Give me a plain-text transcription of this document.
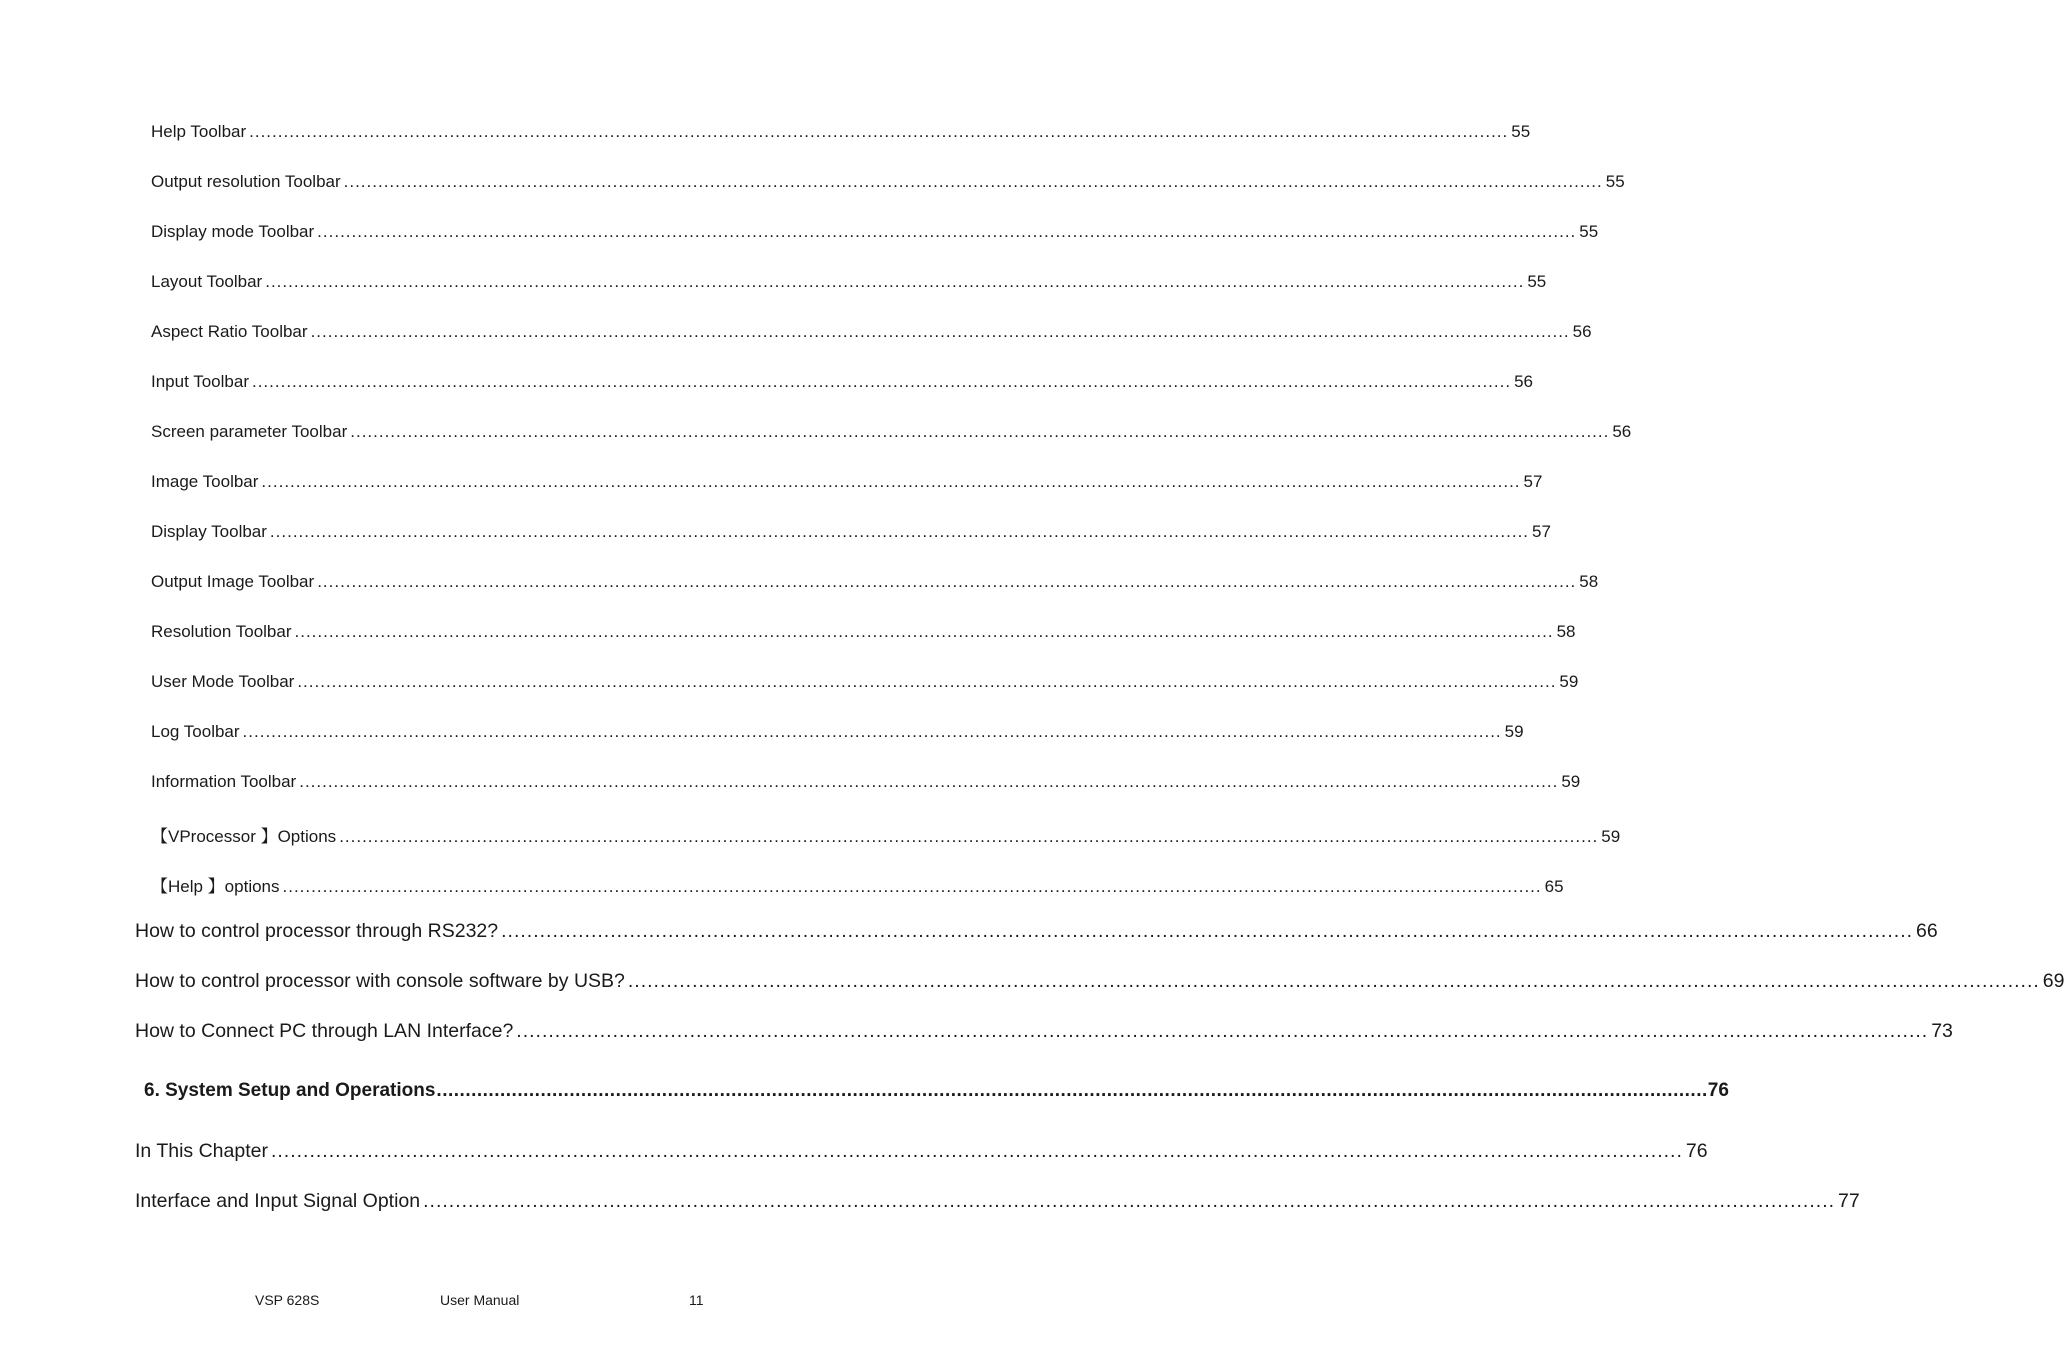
Help Toolbar ............................................................................................................................................................................................................................ 55
Output resolution Toolbar ............................................................................................................................................................................................................................ 55
Display mode Toolbar ............................................................................................................................................................................................................................ 55
Layout Toolbar ............................................................................................................................................................................................................................ 55
Aspect Ratio Toolbar ............................................................................................................................................................................................................................ 56
Input Toolbar ............................................................................................................................................................................................................................ 56
Screen parameter Toolbar ............................................................................................................................................................................................................................ 56
Image Toolbar ............................................................................................................................................................................................................................ 57
Display Toolbar ............................................................................................................................................................................................................................ 57
Output Image Toolbar ............................................................................................................................................................................................................................ 58
Resolution Toolbar ............................................................................................................................................................................................................................ 58
User Mode Toolbar ............................................................................................................................................................................................................................ 59
Log Toolbar ............................................................................................................................................................................................................................ 59
Information Toolbar ............................................................................................................................................................................................................................ 59
【VProcessor 】Options ............................................................................................................................................................................................................................ 59
【Help 】options ............................................................................................................................................................................................................................ 65
How to control processor through RS232? ............................................................................................................................................................................................................................ 66
How to control processor with console software by USB? ............................................................................................................................................................................................................................ 69
How to Connect PC through LAN Interface? ............................................................................................................................................................................................................................ 73
6. System Setup and Operations ............................................................................................................................................................................................................................ 76
In This Chapter ............................................................................................................................................................................................................................ 76
Interface and Input Signal Option ............................................................................................................................................................................................................................ 77
VSP 628S	User Manual	11
